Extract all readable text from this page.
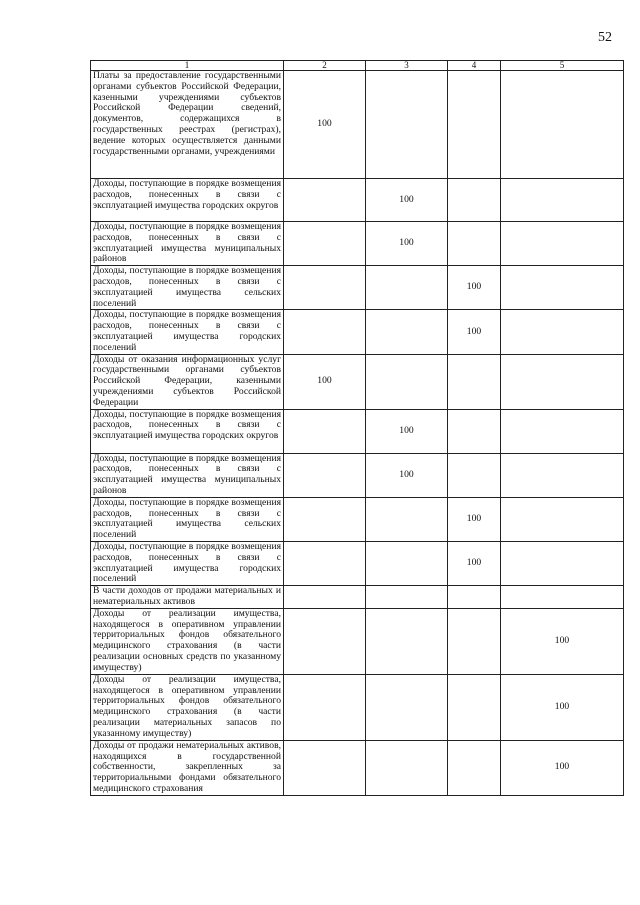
52
1	2	3	4	5
Платы за предоставление государственными органами субъектов Российской Федерации, казенными учреждениями субъектов Российской Федерации сведений, документов, содержащихся в государственных реестрах (регистрах), ведение которых осуществляется данными государственными органами, учреждениями	100			
Доходы, поступающие в порядке возмещения расходов, понесенных в связи с эксплуатацией имущества городских округов		100		
Доходы, поступающие в порядке возмещения расходов, понесенных в связи с эксплуатацией имущества муниципальных районов		100		
Доходы, поступающие в порядке возмещения расходов, понесенных в связи с эксплуатацией имущества сельских поселений			100	
Доходы, поступающие в порядке возмещения расходов, понесенных в связи с эксплуатацией имущества городских поселений			100	
Доходы от оказания информационных услуг государственными органами субъектов Российской Федерации, казенными учреждениями субъектов Российской Федерации	100			
Доходы, поступающие в порядке возмещения расходов, понесенных в связи с эксплуатацией имущества городских округов		100		
Доходы, поступающие в порядке возмещения расходов, понесенных в связи с эксплуатацией имущества муниципальных районов		100		
Доходы, поступающие в порядке возмещения расходов, понесенных в связи с эксплуатацией имущества сельских поселений			100	
Доходы, поступающие в порядке возмещения расходов, понесенных в связи с эксплуатацией имущества городских поселений			100	
В части доходов от продажи материальных и нематериальных активов				
Доходы от реализации имущества, находящегося в оперативном управлении территориальных фондов обязательного медицинского страхования (в части реализации основных средств по указанному имуществу)				100
Доходы от реализации имущества, находящегося в оперативном управлении территориальных фондов обязательного медицинского страхования (в части реализации материальных запасов по указанному имуществу)				100
Доходы от продажи нематериальных активов, находящихся в государственной собственности, закрепленных за территориальными фондами обязательного медицинского страхования				100
